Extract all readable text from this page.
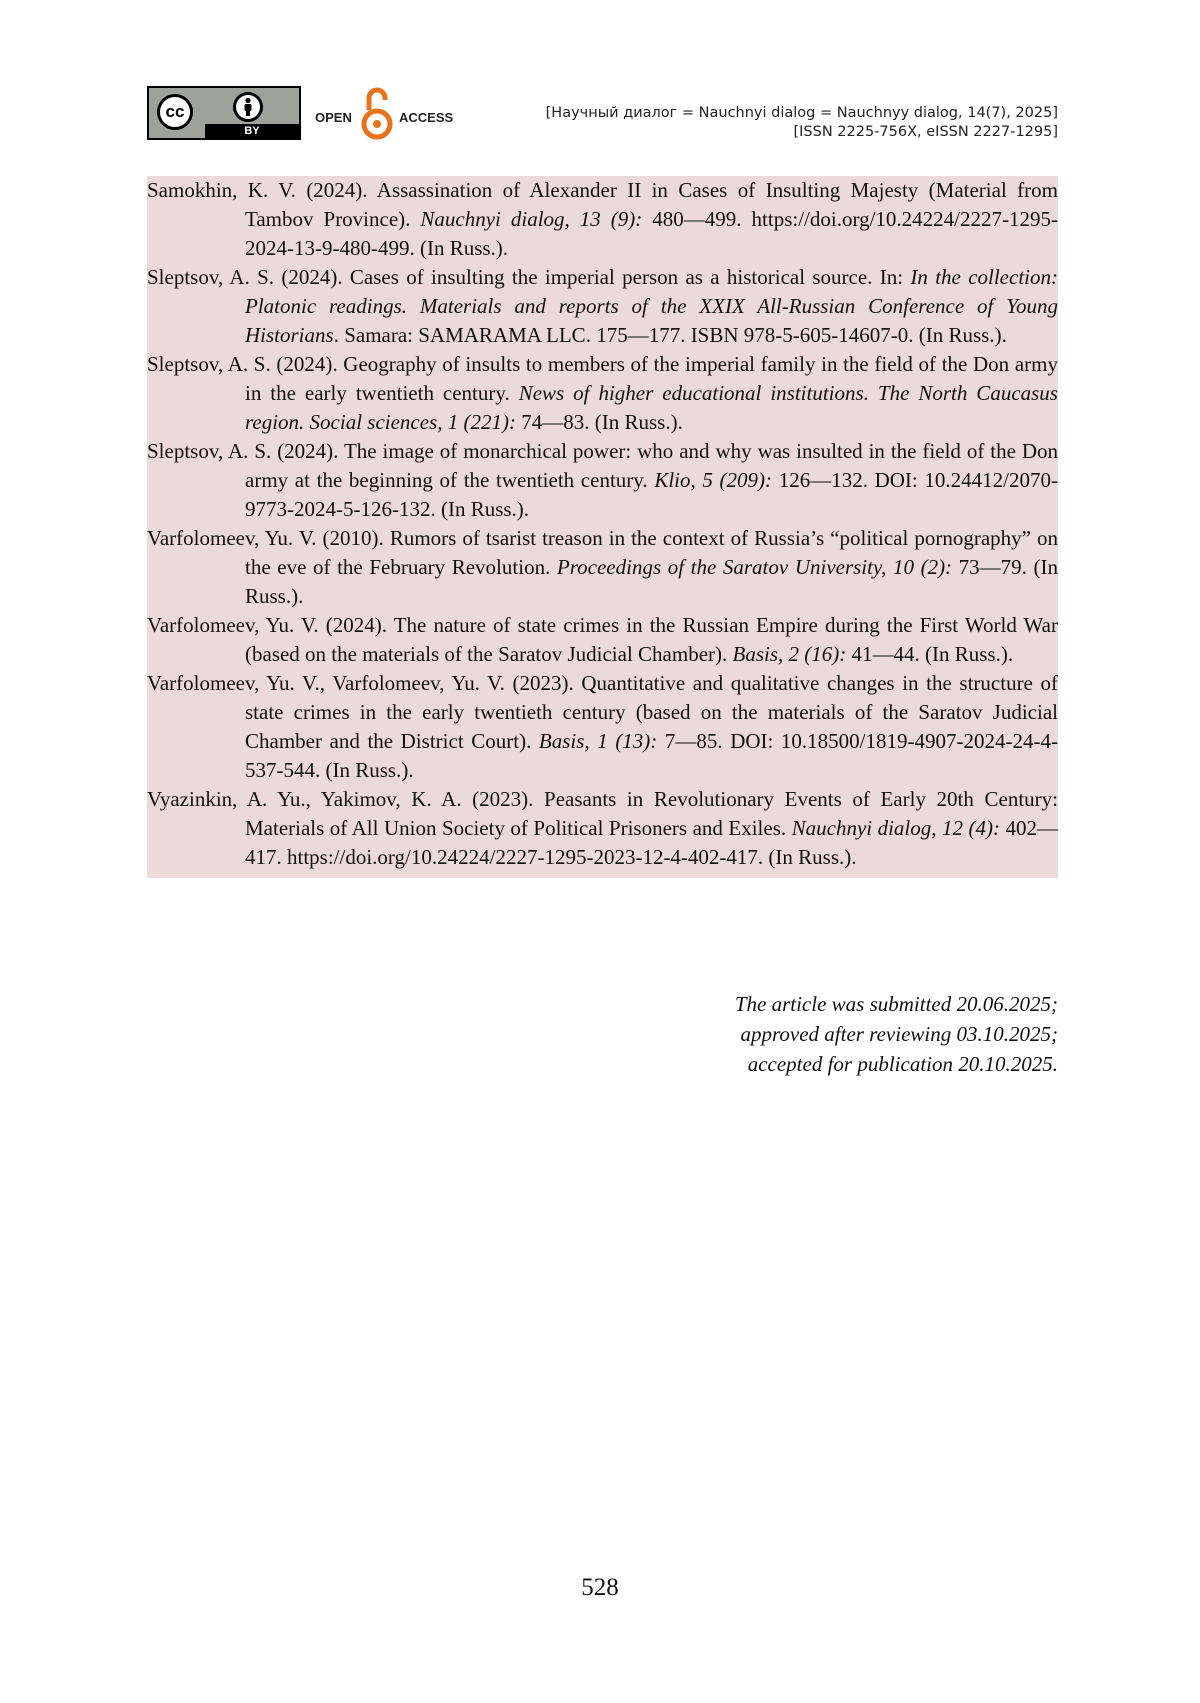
cc
BY
OPEN	ACCESS	[Научный диалог = Nauchnyi dialog = Nauchnyy dialog, 14(7), 2025]
[ISSN 2225-756X, eISSN 2227-1295]

Samokhin, K. V. (2024). Assassination of Alexander II in Cases of Insulting Majesty (Material from Tambov Province). Nauchnyi dialog, 13 (9): 480—499. https://doi.org/10.24224/2227-1295-2024-13-9-480-499. (In Russ.).

Sleptsov, A. S. (2024). Cases of insulting the imperial person as a historical source. In: In the collection: Platonic readings. Materials and reports of the XXIX All-Russian Conference of Young Historians. Samara: SAMARAMA LLC. 175—177. ISBN 978-5-605-14607-0. (In Russ.).

Sleptsov, A. S. (2024). Geography of insults to members of the imperial family in the field of the Don army in the early twentieth century. News of higher educational institutions. The North Caucasus region. Social sciences, 1 (221): 74—83. (In Russ.).

Sleptsov, A. S. (2024). The image of monarchical power: who and why was insulted in the field of the Don army at the beginning of the twentieth century. Klio, 5 (209): 126—132. DOI: 10.24412/2070-9773-2024-5-126-132. (In Russ.).

Varfolomeev, Yu. V. (2010). Rumors of tsarist treason in the context of Russia’s “political pornography” on the eve of the February Revolution. Proceedings of the Saratov University, 10 (2): 73—79. (In Russ.).

Varfolomeev, Yu. V. (2024). The nature of state crimes in the Russian Empire during the First World War (based on the materials of the Saratov Judicial Chamber). Basis, 2 (16): 41—44. (In Russ.).

Varfolomeev, Yu. V., Varfolomeev, Yu. V. (2023). Quantitative and qualitative changes in the structure of state crimes in the early twentieth century (based on the materials of the Saratov Judicial Chamber and the District Court). Basis, 1 (13): 7—85. DOI: 10.18500/1819-4907-2024-24-4-537-544. (In Russ.).

Vyazinkin, A. Yu., Yakimov, K. A. (2023). Peasants in Revolutionary Events of Early 20th Century: Materials of All Union Society of Political Prisoners and Exiles. Nauchnyi dialog, 12 (4): 402—417. https://doi.org/10.24224/2227-1295-2023-12-4-402-417. (In Russ.).

The article was submitted 20.06.2025;
approved after reviewing 03.10.2025;
accepted for publication 20.10.2025.
528
